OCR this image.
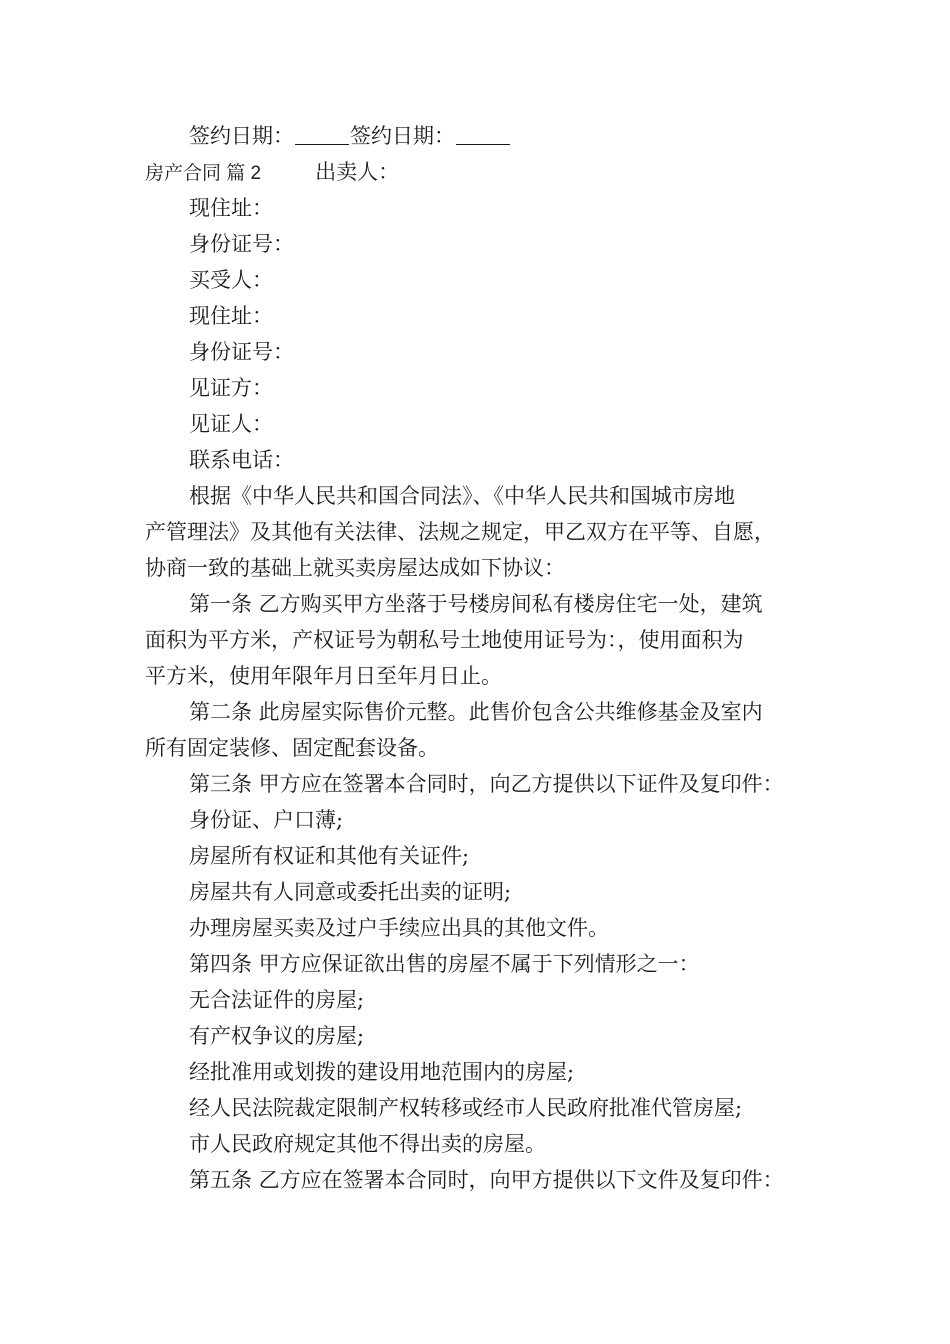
签约日期：	签约日期：
房产合同 篇 2	出卖人：
现住址：
身份证号：
买受人：
现住址：
身份证号：
见证方：
见证人：
联系电话：
根据《中华人民共和国合同法》、《中华人民共和国城市房地
产管理法》及其他有关法律、法规之规定，甲乙双方在平等、自愿，
协商一致的基础上就买卖房屋达成如下协议：
第一条 乙方购买甲方坐落于号楼房间私有楼房住宅一处，建筑
面积为平方米，产权证号为朝私号土地使用证号为：，使用面积为
平方米，使用年限年月日至年月日止。
第二条 此房屋实际售价元整。此售价包含公共维修基金及室内
所有固定装修、固定配套设备。
第三条 甲方应在签署本合同时，向乙方提供以下证件及复印件：
身份证、户口薄;
房屋所有权证和其他有关证件;
房屋共有人同意或委托出卖的证明;
办理房屋买卖及过户手续应出具的其他文件。
第四条 甲方应保证欲出售的房屋不属于下列情形之一：
无合法证件的房屋;
有产权争议的房屋;
经批准用或划拨的建设用地范围内的房屋;
经人民法院裁定限制产权转移或经市人民政府批准代管房屋;
市人民政府规定其他不得出卖的房屋。
第五条 乙方应在签署本合同时，向甲方提供以下文件及复印件：
